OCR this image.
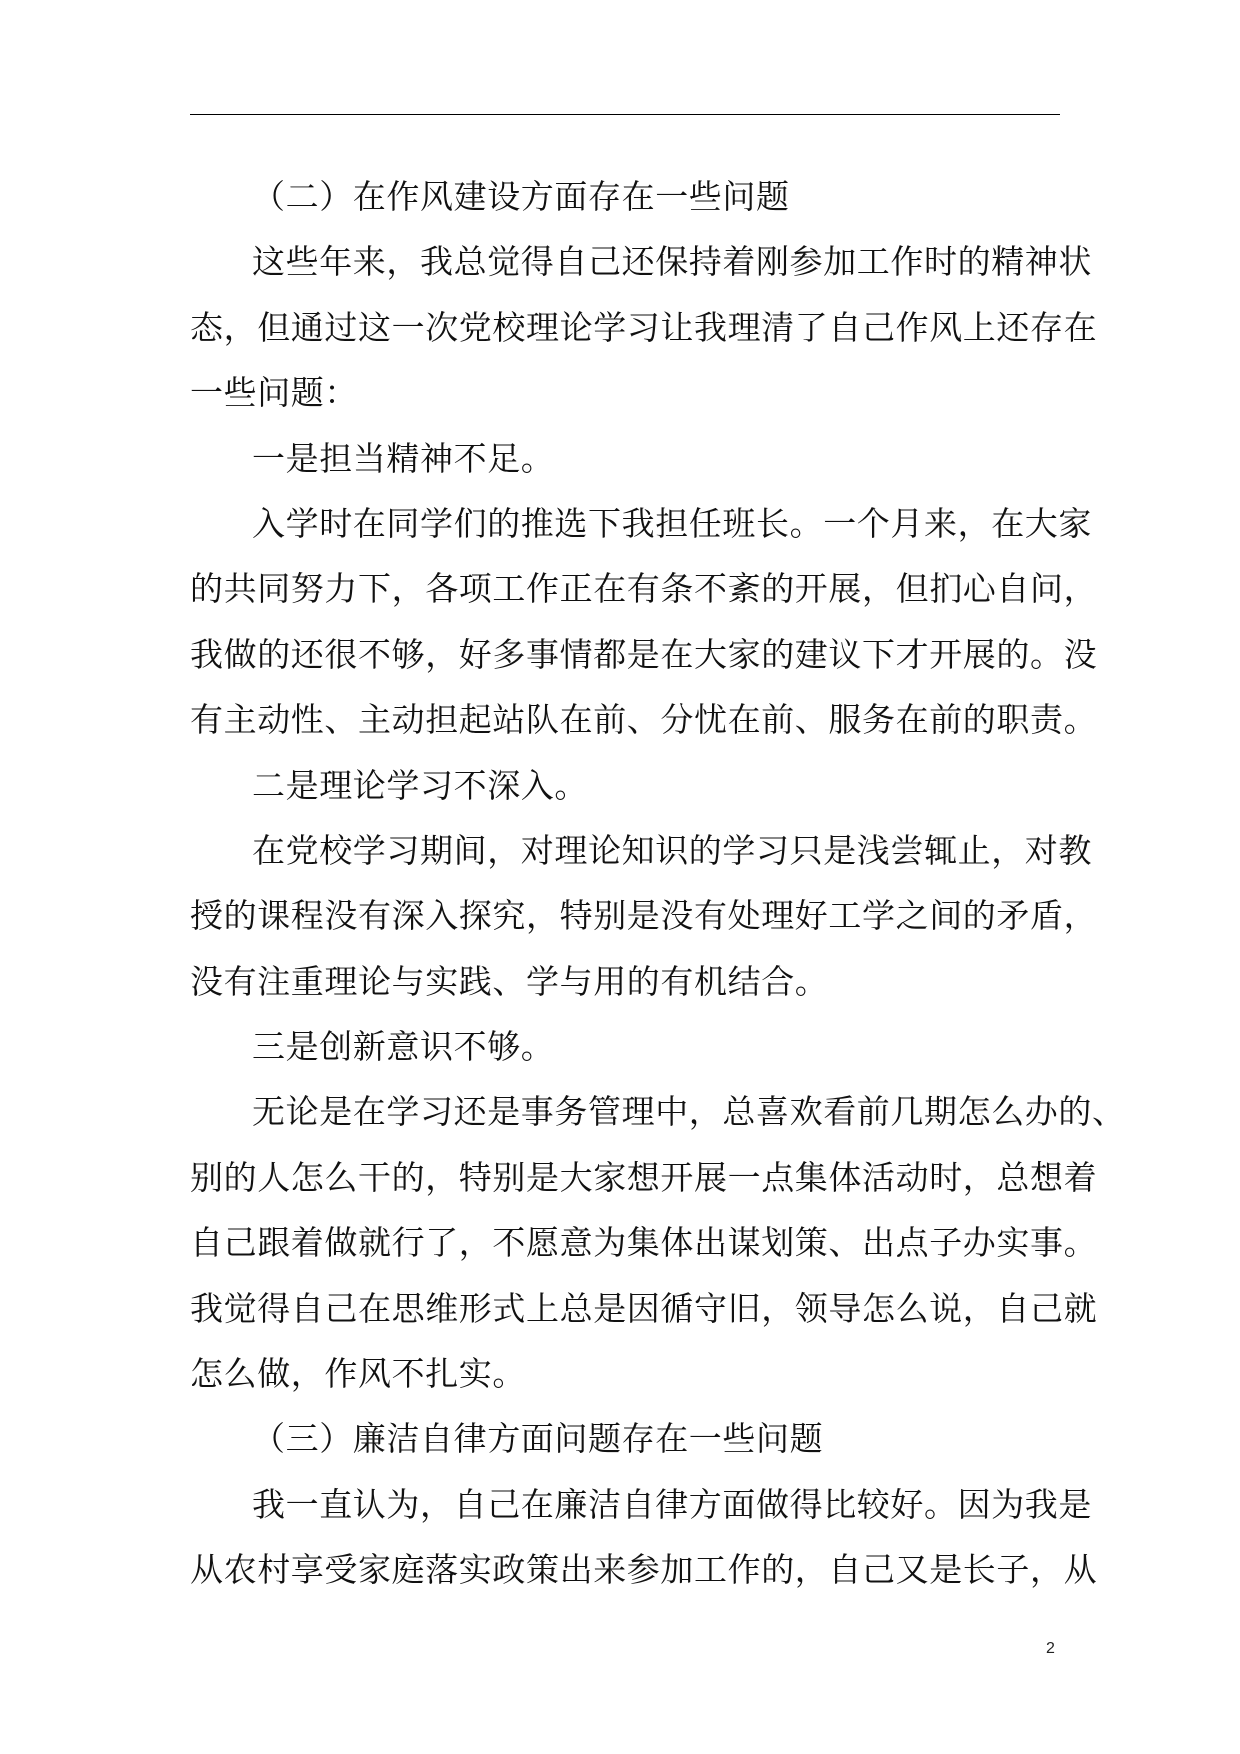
（二）在作风建设方面存在一些问题
这些年来，我总觉得自己还保持着刚参加工作时的精神状
态，但通过这一次党校理论学习让我理清了自己作风上还存在
一些问题：
一是担当精神不足。
入学时在同学们的推选下我担任班长。一个月来，在大家
的共同努力下，各项工作正在有条不紊的开展，但扪心自问，
我做的还很不够，好多事情都是在大家的建议下才开展的。没
有主动性、主动担起站队在前、分忧在前、服务在前的职责。
二是理论学习不深入。
在党校学习期间，对理论知识的学习只是浅尝辄止，对教
授的课程没有深入探究，特别是没有处理好工学之间的矛盾，
没有注重理论与实践、学与用的有机结合。
三是创新意识不够。
无论是在学习还是事务管理中，总喜欢看前几期怎么办的、
别的人怎么干的，特别是大家想开展一点集体活动时，总想着
自己跟着做就行了，不愿意为集体出谋划策、出点子办实事。
我觉得自己在思维形式上总是因循守旧，领导怎么说，自己就
怎么做，作风不扎实。
（三）廉洁自律方面问题存在一些问题
我一直认为，自己在廉洁自律方面做得比较好。因为我是
从农村享受家庭落实政策出来参加工作的，自己又是长子，从
2
